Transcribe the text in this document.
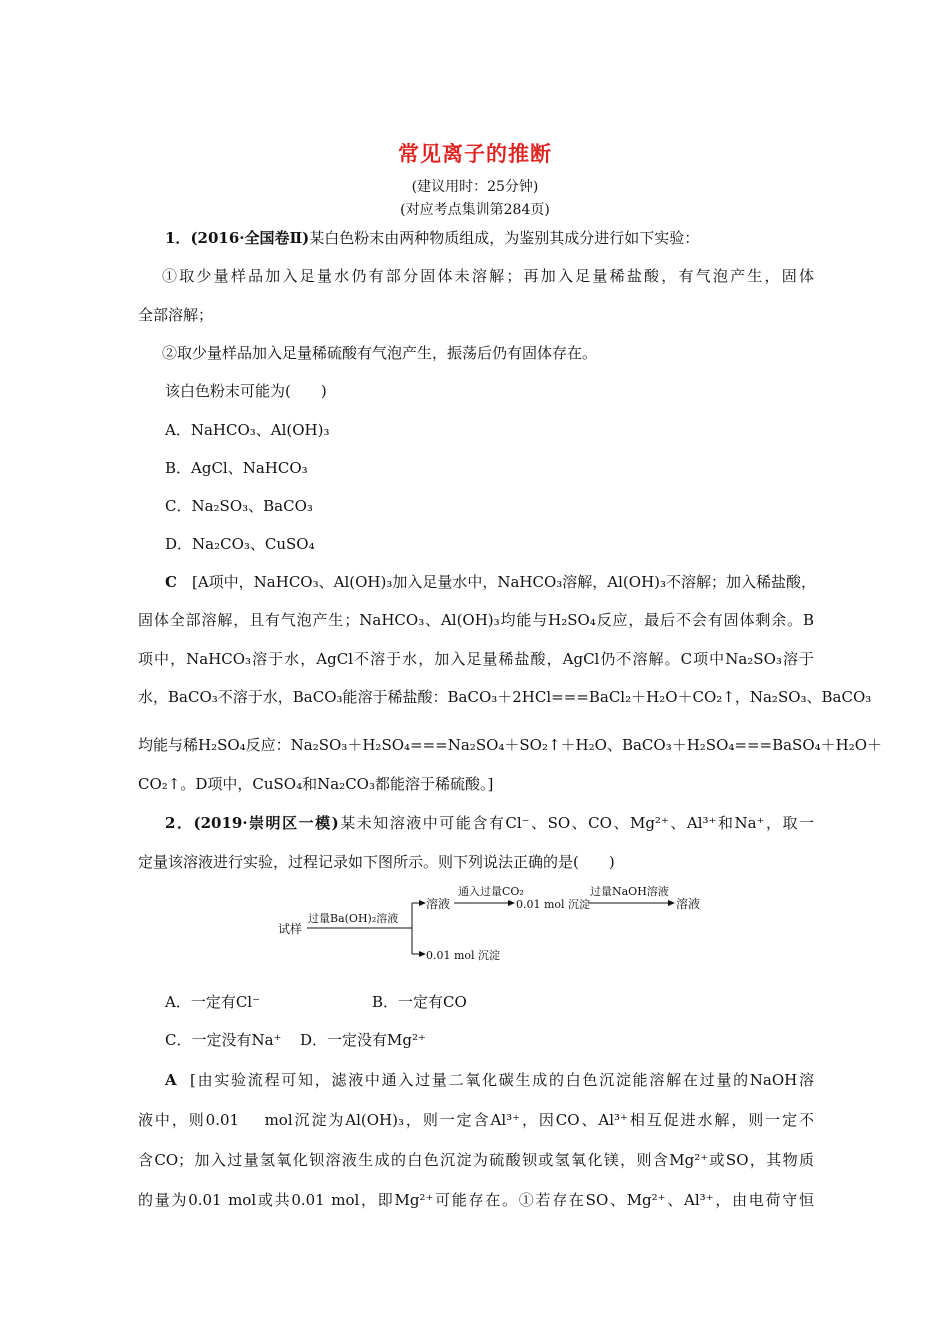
常见离子的推断
(建议用时：25分钟)
(对应考点集训第284页)
1．(2016·全国卷Ⅱ)某白色粉末由两种物质组成，为鉴别其成分进行如下实验：
①取少量样品加入足量水仍有部分固体未溶解；再加入足量稀盐酸，有气泡产生，固体
全部溶解；
②取少量样品加入足量稀硫酸有气泡产生，振荡后仍有固体存在。
该白色粉末可能为(　　)
A．NaHCO₃、Al(OH)₃
B．AgCl、NaHCO₃
C．Na₂SO₃、BaCO₃
D．Na₂CO₃、CuSO₄
C [A项中，NaHCO₃、Al(OH)₃加入足量水中，NaHCO₃溶解，Al(OH)₃不溶解；加入稀盐酸，
固体全部溶解，且有气泡产生；NaHCO₃、Al(OH)₃均能与H₂SO₄反应，最后不会有固体剩余。B
项中，NaHCO₃溶于水，AgCl不溶于水，加入足量稀盐酸，AgCl仍不溶解。C项中Na₂SO₃溶于
水，BaCO₃不溶于水，BaCO₃能溶于稀盐酸：BaCO₃＋2HCl===BaCl₂＋H₂O＋CO₂↑，Na₂SO₃、BaCO₃
均能与稀H₂SO₄反应：Na₂SO₃＋H₂SO₄===Na₂SO₄＋SO₂↑＋H₂O、BaCO₃＋H₂SO₄===BaSO₄＋H₂O＋
CO₂↑。D项中，CuSO₄和Na₂CO₃都能溶于稀硫酸。]
2．(2019·崇明区一模)某未知溶液中可能含有Cl⁻、SO、CO、Mg²⁺、Al³⁺和Na⁺，取一
定量该溶液进行实验，过程记录如下图所示。则下列说法正确的是(　　)
试样
过量Ba(OH)₂溶液
溶液
通入过量CO₂
0.01 mol 沉淀
过量NaOH溶液
溶液
0.01 mol 沉淀
A．一定有Cl⁻	B．一定有CO
C．一定没有Na⁺ D．一定没有Mg²⁺
A [由实验流程可知，滤液中通入过量二氧化碳生成的白色沉淀能溶解在过量的NaOH溶
液中，则0.01　 mol沉淀为Al(OH)₃，则一定含Al³⁺，因CO、Al³⁺相互促进水解，则一定不
含CO；加入过量氢氧化钡溶液生成的白色沉淀为硫酸钡或氢氧化镁，则含Mg²⁺或SO，其物质
的量为0.01 mol或共0.01 mol，即Mg²⁺可能存在。①若存在SO、Mg²⁺、Al³⁺，由电荷守恒
